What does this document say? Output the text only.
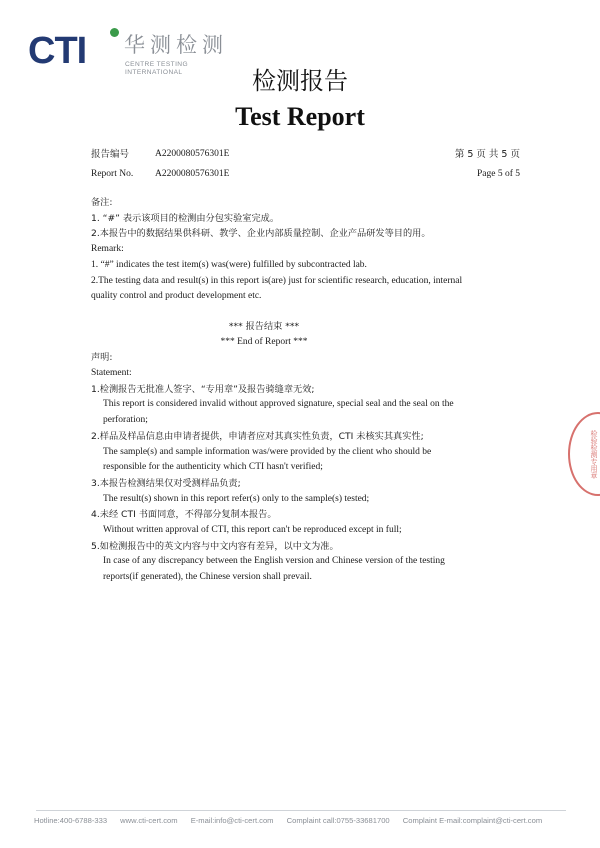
CTI 华测检测
CENTRE TESTING INTERNATIONAL	检测报告
Test Report
报告编号	A2200080576301E	第 5 页 共 5 页
Report No. A2200080576301E	Page 5 of 5
备注:
1. “#” 表示该项目的检测由分包实验室完成。
2.本报告中的数据结果供科研、教学、企业内部质量控制、企业产品研发等目的用。
Remark:
1. “#” indicates the test item(s) was(were) fulfilled by subcontracted lab.
2.The testing data and result(s) in this report is(are) just for scientific research, education, internal
quality control and product development etc.
*** 报告结束 ***
*** End of Report ***
声明:
Statement:
1.检测报告无批准人签字、“专用章”及报告骑缝章无效;
This report is considered invalid without approved signature, special seal and the seal on the
perforation;
2.样品及样品信息由申请者提供，申请者应对其真实性负责，CTI 未核实其真实性;
The sample(s) and sample information was/were provided by the client who should be
responsible for the authenticity which CTI hasn't verified;
3.本报告检测结果仅对受测样品负责;
The result(s) shown in this report refer(s) only to the sample(s) tested;
4.未经 CTI 书面同意，不得部分复制本报告。
Without written approval of CTI, this report can't be reproduced except in full;
5.如检测报告中的英文内容与中文内容有差异，以中文为准。
In case of any discrepancy between the English version and Chinese version of the testing
reports(if generated), the Chinese version shall prevail.
检验检测专用章
Hotline:400-6788-333 www.cti-cert.com E-mail:info@cti-cert.com Complaint call:0755-33681700 Complaint E-mail:complaint@cti-cert.com
